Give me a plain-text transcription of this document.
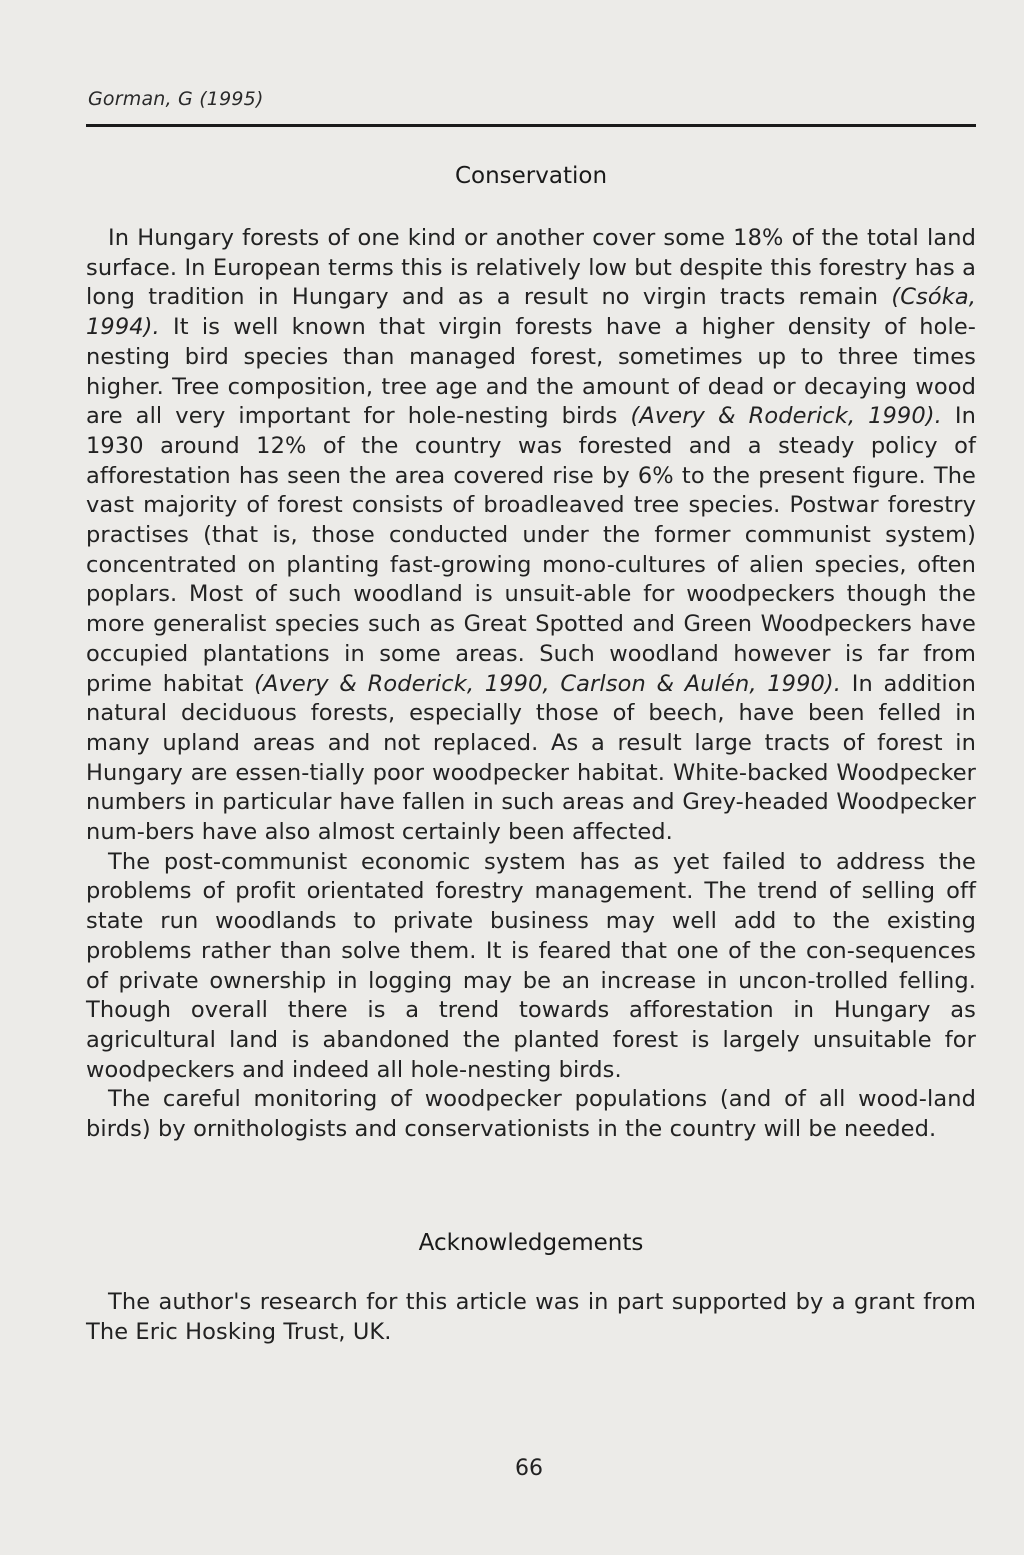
Gorman, G (1995)
Conservation

In Hungary forests of one kind or another cover some 18% of the total land surface. In European terms this is relatively low but despite this forestry has a long tradition in Hungary and as a result no virgin tracts remain (Csóka, 1994). It is well known that virgin forests have a higher density of hole-nesting bird species than managed forest, sometimes up to three times higher. Tree composition, tree age and the amount of dead or decaying wood are all very important for hole-nesting birds (Avery & Roderick, 1990). In 1930 around 12% of the country was forested and a steady policy of afforestation has seen the area covered rise by 6% to the present figure. The vast majority of forest consists of broadleaved tree species. Postwar forestry practises (that is, those conducted under the former communist system) concentrated on planting fast-growing mono-cultures of alien species, often poplars. Most of such woodland is unsuit-able for woodpeckers though the more generalist species such as Great Spotted and Green Woodpeckers have occupied plantations in some areas. Such woodland however is far from prime habitat (Avery & Roderick, 1990, Carlson & Aulén, 1990). In addition natural deciduous forests, especially those of beech, have been felled in many upland areas and not replaced. As a result large tracts of forest in Hungary are essen-tially poor woodpecker habitat. White-backed Woodpecker numbers in particular have fallen in such areas and Grey-headed Woodpecker num-bers have also almost certainly been affected.

The post-communist economic system has as yet failed to address the problems of profit orientated forestry management. The trend of selling off state run woodlands to private business may well add to the existing problems rather than solve them. It is feared that one of the con-sequences of private ownership in logging may be an increase in uncon-trolled felling. Though overall there is a trend towards afforestation in Hungary as agricultural land is abandoned the planted forest is largely unsuitable for woodpeckers and indeed all hole-nesting birds.

The careful monitoring of woodpecker populations (and of all wood-land birds) by ornithologists and conservationists in the country will be needed.

Acknowledgements

The author's research for this article was in part supported by a grant from The Eric Hosking Trust, UK.

66
